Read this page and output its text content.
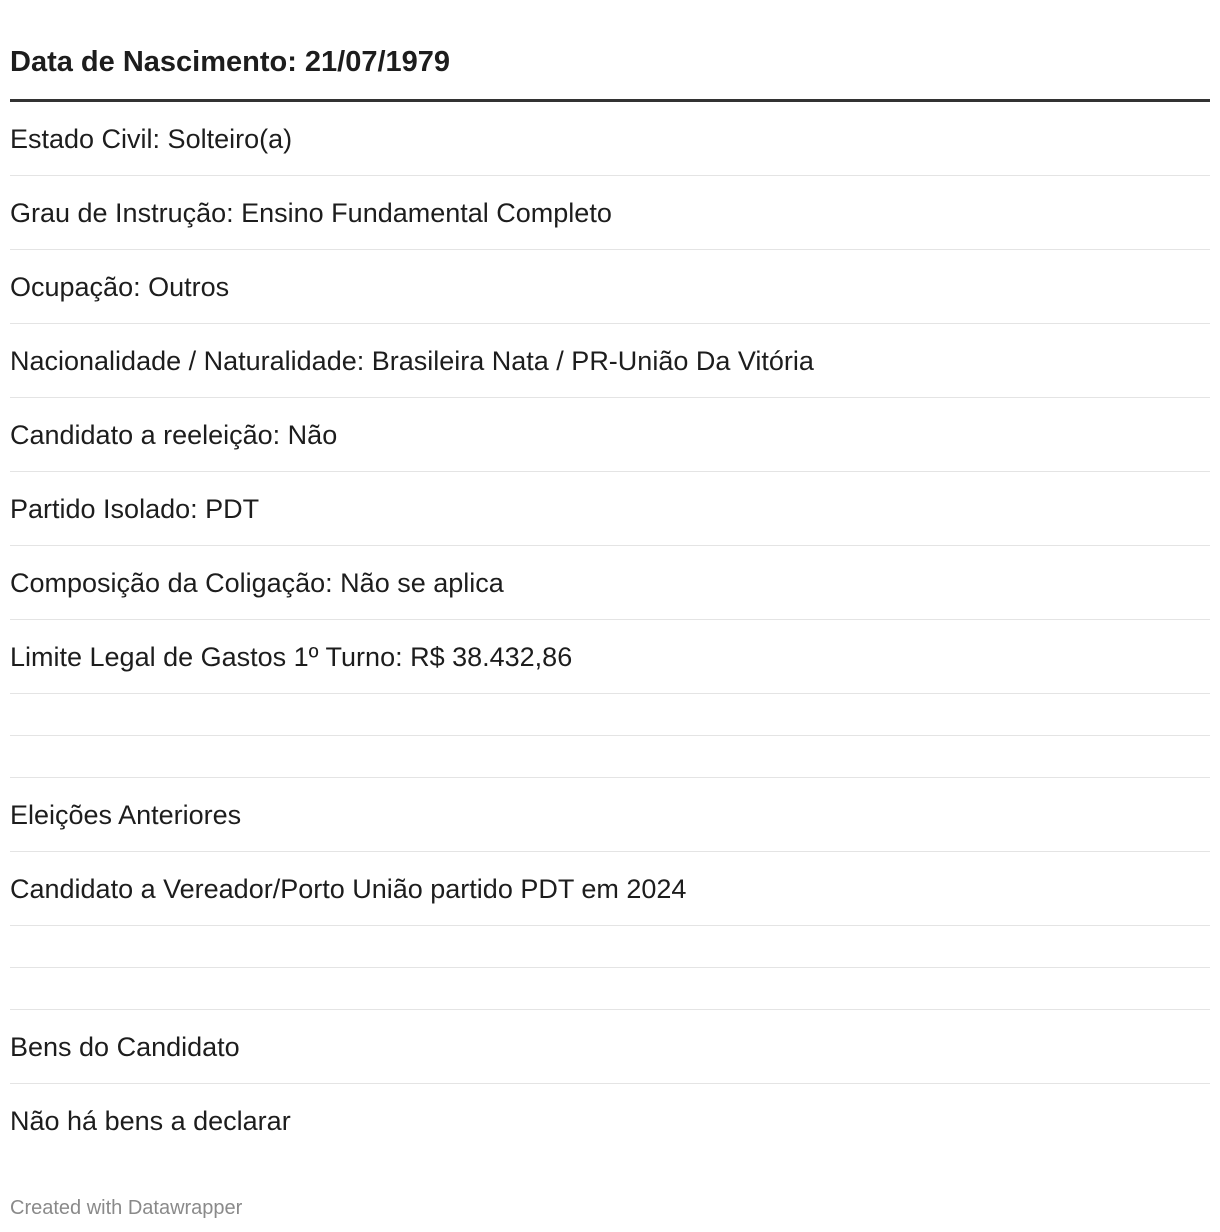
Data de Nascimento: 21/07/1979
Estado Civil: Solteiro(a)
Grau de Instrução: Ensino Fundamental Completo
Ocupação: Outros
Nacionalidade / Naturalidade: Brasileira Nata / PR-União Da Vitória
Candidato a reeleição: Não
Partido Isolado: PDT
Composição da Coligação: Não se aplica
Limite Legal de Gastos 1º Turno: R$ 38.432,86
Eleições Anteriores
Candidato a Vereador/Porto União partido PDT em 2024
Bens do Candidato
Não há bens a declarar
Created with Datawrapper
